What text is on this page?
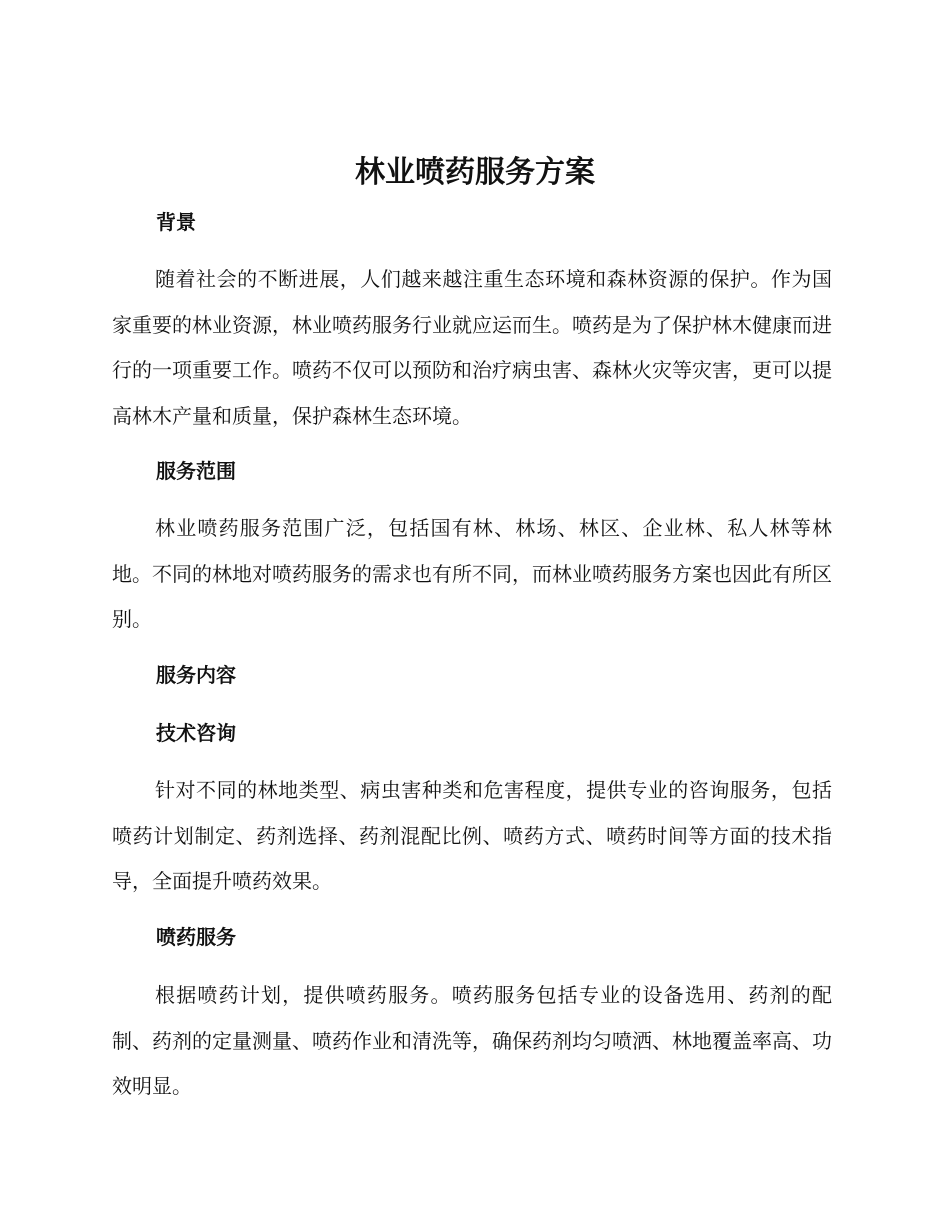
林业喷药服务方案
背景

随着社会的不断进展，人们越来越注重生态环境和森林资源的保护。作为国家重要的林业资源，林业喷药服务行业就应运而生。喷药是为了保护林木健康而进行的一项重要工作。喷药不仅可以预防和治疗病虫害、森林火灾等灾害，更可以提高林木产量和质量，保护森林生态环境。

服务范围

林业喷药服务范围广泛，包括国有林、林场、林区、企业林、私人林等林地。不同的林地对喷药服务的需求也有所不同，而林业喷药服务方案也因此有所区别。

服务内容
技术咨询

针对不同的林地类型、病虫害种类和危害程度，提供专业的咨询服务，包括喷药计划制定、药剂选择、药剂混配比例、喷药方式、喷药时间等方面的技术指导，全面提升喷药效果。

喷药服务

根据喷药计划，提供喷药服务。喷药服务包括专业的设备选用、药剂的配制、药剂的定量测量、喷药作业和清洗等，确保药剂均匀喷洒、林地覆盖率高、功效明显。
